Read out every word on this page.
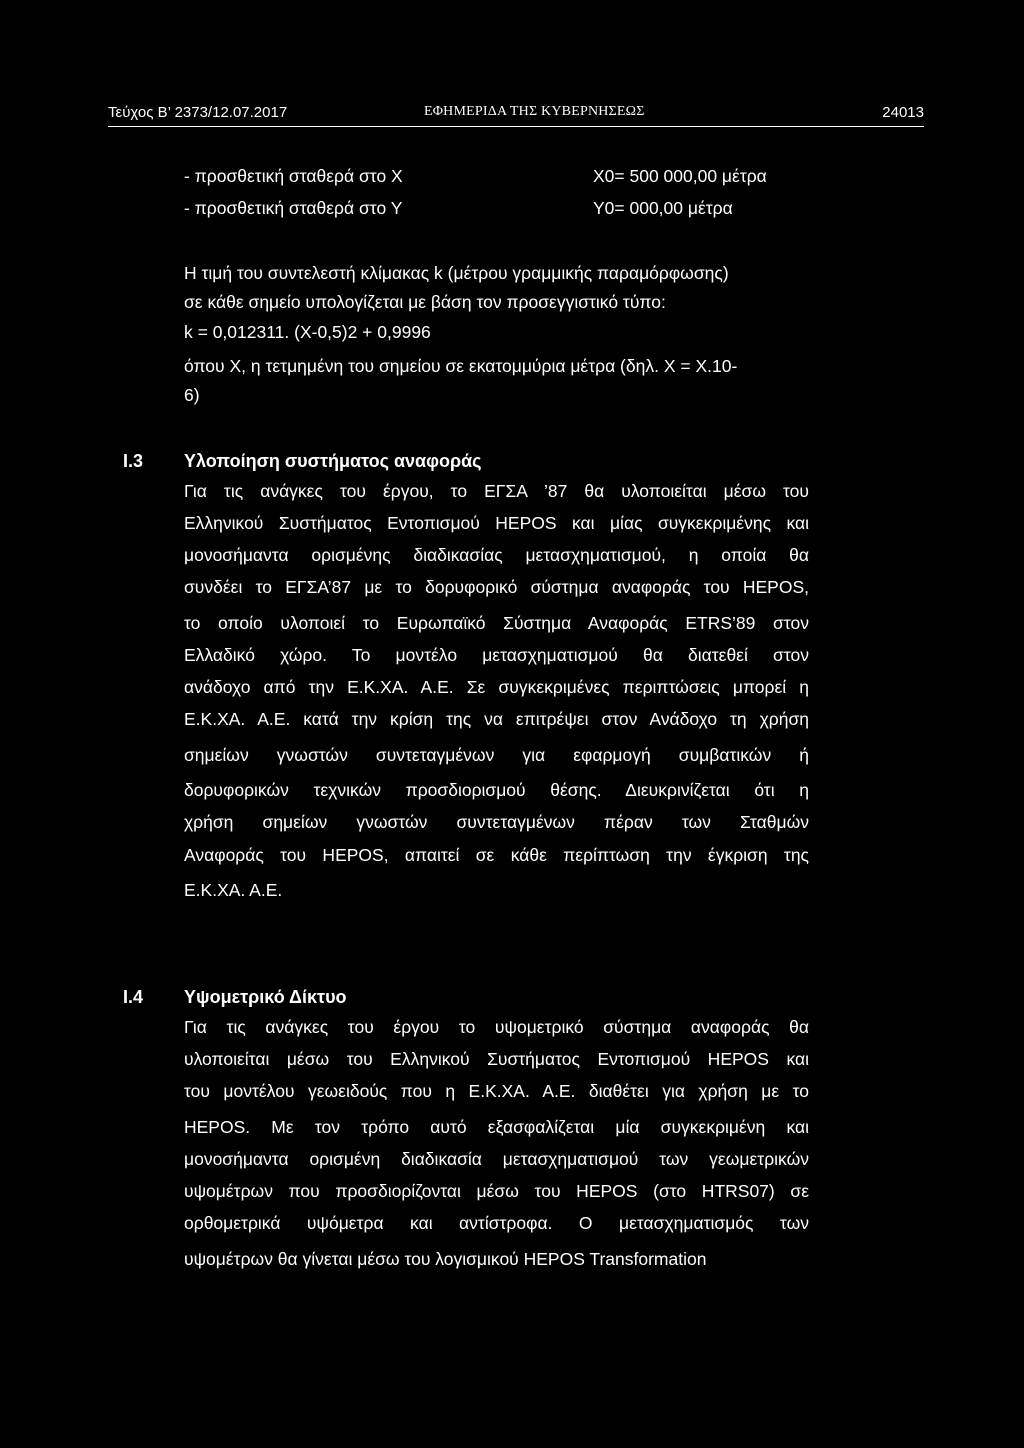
Τεύχος Β’ 2373/12.07.2017	ΕΦΗΜΕΡΙΔΑ ΤΗΣ ΚΥΒΕΡΝΗΣΕΩΣ	24013
- προσθετική σταθερά στο Χ	Χ0= 500 000,00 μέτρα
- προσθετική σταθερά στο Υ	Υ0= 000,00 μέτρα
Η τιμή του συντελεστή κλίμακας k (μέτρου γραμμικής παραμόρφωσης)
σε κάθε σημείο υπολογίζεται με βάση τον προσεγγιστικό τύπο:
k = 0,012311. (X-0,5)2 + 0,9996
όπου Χ, η τετμημένη του σημείου σε εκατομμύρια μέτρα (δηλ. Χ = Χ.10-
6)
I.3 Υλοποίηση συστήματος αναφοράς
Για τις ανάγκες του έργου, το ΕΓΣΑ ’87 θα υλοποιείται μέσω του
Ελληνικού Συστήματος Εντοπισμού HEPOS και μίας συγκεκριμένης και
μονοσήμαντα ορισμένης διαδικασίας μετασχηματισμού, η οποία θα
συνδέει το ΕΓΣΑ’87 με το δορυφορικό σύστημα αναφοράς του HEPOS,
το οποίο υλοποιεί το Ευρωπαϊκό Σύστημα Αναφοράς ETRS’89 στον
Ελλαδικό χώρο. Το μοντέλο μετασχηματισμού θα διατεθεί στον
ανάδοχο από την Ε.Κ.ΧΑ. Α.Ε. Σε συγκεκριμένες περιπτώσεις μπορεί η
Ε.Κ.ΧΑ. Α.Ε. κατά την κρίση της να επιτρέψει στον Ανάδοχο τη χρήση
σημείων γνωστών συντεταγμένων για εφαρμογή συμβατικών ή
δορυφορικών τεχνικών προσδιορισμού θέσης. Διευκρινίζεται ότι η
χρήση σημείων γνωστών συντεταγμένων πέραν των Σταθμών
Αναφοράς του HEPOS, απαιτεί σε κάθε περίπτωση την έγκριση της
Ε.Κ.ΧΑ. Α.Ε.
I.4 Υψομετρικό Δίκτυο
Για τις ανάγκες του έργου το υψομετρικό σύστημα αναφοράς θα
υλοποιείται μέσω του Ελληνικού Συστήματος Εντοπισμού HEPOS και
του μοντέλου γεωειδούς που η Ε.Κ.ΧΑ. Α.Ε. διαθέτει για χρήση με το
HEPOS. Με τον τρόπο αυτό εξασφαλίζεται μία συγκεκριμένη και
μονοσήμαντα ορισμένη διαδικασία μετασχηματισμού των γεωμετρικών
υψομέτρων που προσδιορίζονται μέσω του HEPOS (στο HTRS07) σε
ορθομετρικά υψόμετρα και αντίστροφα. Ο μετασχηματισμός των
υψομέτρων θα γίνεται μέσω του λογισμικού HEPOS Transformation
